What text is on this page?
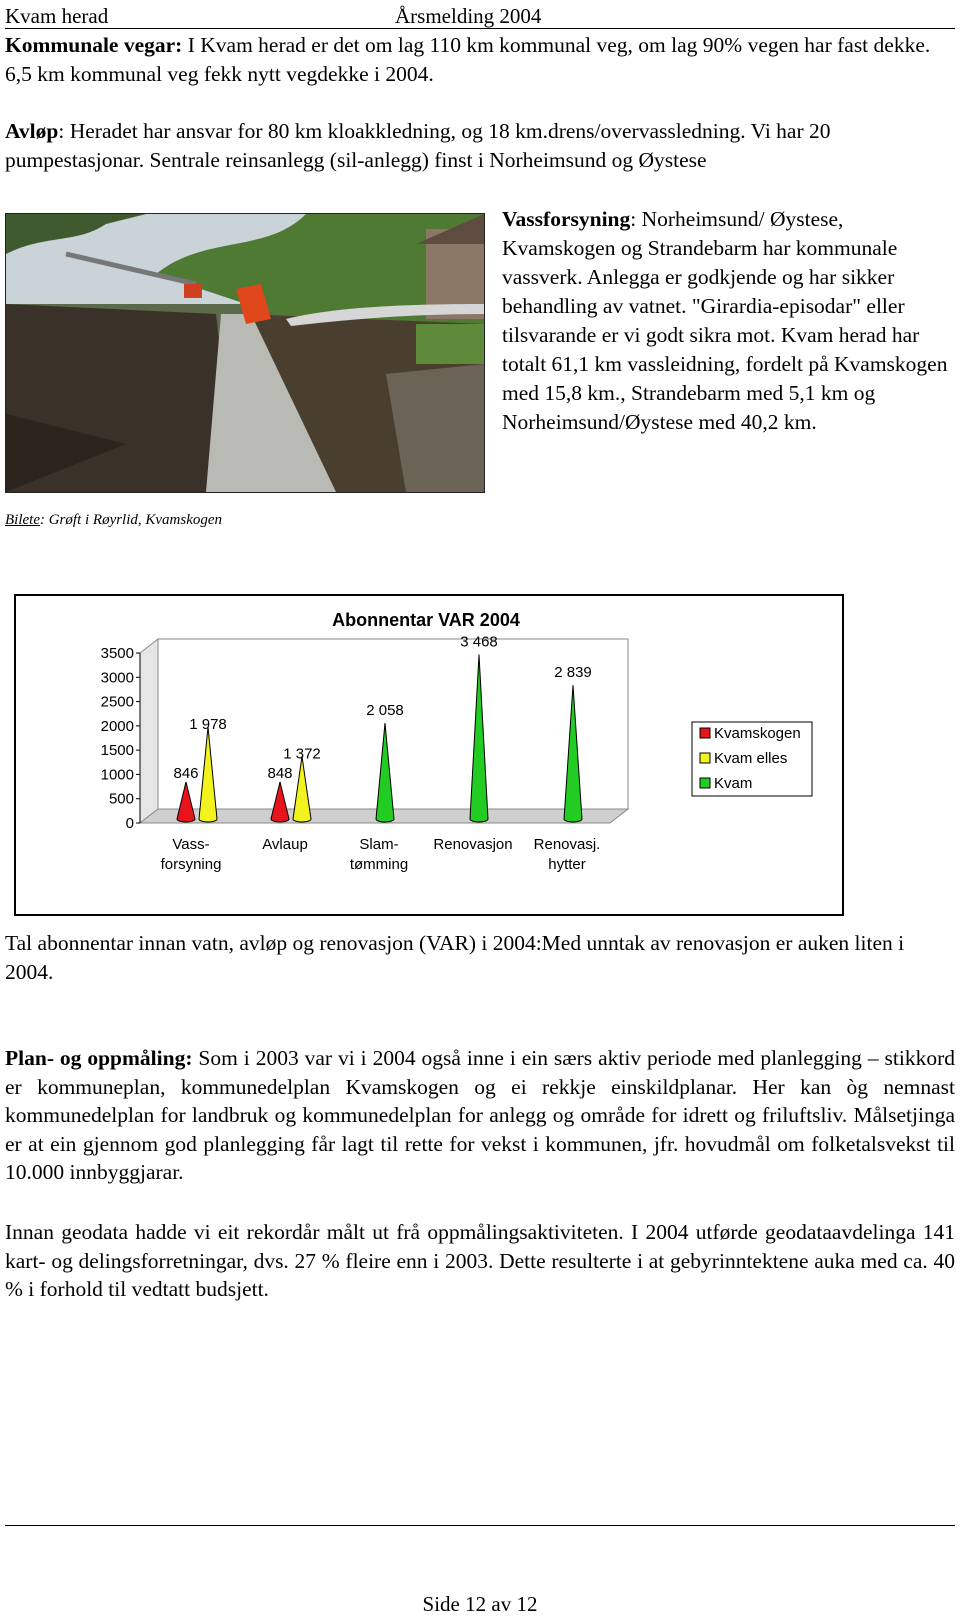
Kvam herad	Årsmelding 2004

Kommunale vegar: I Kvam herad er det om lag 110 km kommunal veg, om lag 90% vegen har fast dekke. 6,5 km kommunal veg fekk nytt vegdekke i 2004.

Avløp: Heradet har ansvar for 80 km kloakkledning, og 18 km.drens/overvassledning. Vi har 20 pumpestasjonar. Sentrale reinsanlegg (sil-anlegg) finst i Norheimsund og Øystese

Vassforsyning: Norheimsund/ Øystese, Kvamskogen og Strandebarm har kommunale vassverk. Anlegga er godkjende og har sikker behandling av vatnet. "Girardia-episodar" eller tilsvarande er vi godt sikra mot. Kvam herad har totalt 61,1 km vassleidning, fordelt på Kvamskogen med 15,8 km., Strandebarm med 5,1 km og Norheimsund/Øystese med 40,2 km.

Bilete: Grøft i Røyrlid, Kvamskogen
Abonnentar VAR 2004
3500
3000
2500
2000
1500
1000
500
0
846
1 978
Vass-
forsyning
848
1 372
Avlaup
2 058
Slam-
tømming
3 468
Renovasjon
2 839
Renovasj.
hytter
Kvamskogen
Kvam elles
Kvam

Tal abonnentar innan vatn, avløp og renovasjon (VAR) i 2004:Med unntak av renovasjon er auken liten i 2004.

Plan- og oppmåling: Som i 2003 var vi i 2004 også inne i ein særs aktiv periode med planlegging – stikkord er kommuneplan, kommunedelplan Kvamskogen og ei rekkje einskildplanar. Her kan òg nemnast kommunedelplan for landbruk og kommunedelplan for anlegg og område for idrett og friluftsliv. Målsetjinga er at ein gjennom god planlegging får lagt til rette for vekst i kommunen, jfr. hovudmål om folketalsvekst til 10.000 innbyggjarar.

Innan geodata hadde vi eit rekordår målt ut frå oppmålingsaktiviteten. I 2004 utførde geodataavdelinga 141 kart- og delingsforretningar, dvs. 27 % fleire enn i 2003. Dette resulterte i at gebyrinntektene auka med ca. 40 % i forhold til vedtatt budsjett.

Side 12 av 12
